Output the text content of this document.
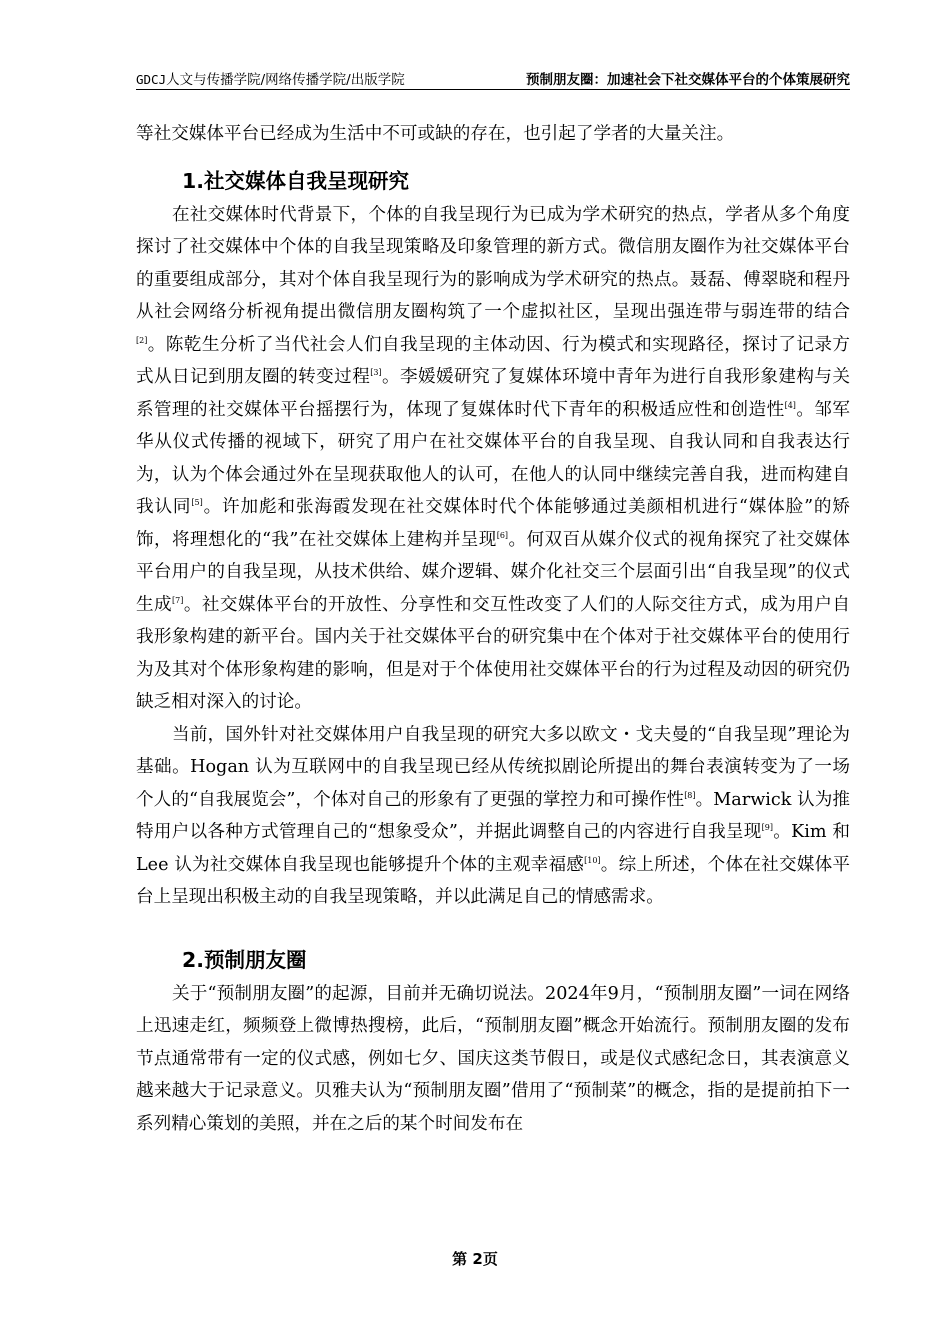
GDCJ人文与传播学院/网络传播学院/出版学院	预制朋友圈：加速社会下社交媒体平台的个体策展研究

等社交媒体平台已经成为生活中不可或缺的存在，也引起了学者的大量关注。

1.社交媒体自我呈现研究

在社交媒体时代背景下，个体的自我呈现行为已成为学术研究的热点，学者从多个角度探讨了社交媒体中个体的自我呈现策略及印象管理的新方式。微信朋友圈作为社交媒体平台的重要组成部分，其对个体自我呈现行为的影响成为学术研究的热点。聂磊、傅翠晓和程丹从社会网络分析视角提出微信朋友圈构筑了一个虚拟社区，呈现出强连带与弱连带的结合[2]。陈乾生分析了当代社会人们自我呈现的主体动因、行为模式和实现路径，探讨了记录方式从日记到朋友圈的转变过程[3]。李媛媛研究了复媒体环境中青年为进行自我形象建构与关系管理的社交媒体平台摇摆行为，体现了复媒体时代下青年的积极适应性和创造性[4]。邹军华从仪式传播的视域下，研究了用户在社交媒体平台的自我呈现、自我认同和自我表达行为，认为个体会通过外在呈现获取他人的认可，在他人的认同中继续完善自我，进而构建自我认同[5]。许加彪和张海霞发现在社交媒体时代个体能够通过美颜相机进行“媒体脸”的矫饰，将理想化的“我”在社交媒体上建构并呈现[6]。何双百从媒介仪式的视角探究了社交媒体平台用户的自我呈现，从技术供给、媒介逻辑、媒介化社交三个层面引出“自我呈现”的仪式生成[7]。社交媒体平台的开放性、分享性和交互性改变了人们的人际交往方式，成为用户自我形象构建的新平台。国内关于社交媒体平台的研究集中在个体对于社交媒体平台的使用行为及其对个体形象构建的影响，但是对于个体使用社交媒体平台的行为过程及动因的研究仍缺乏相对深入的讨论。

当前，国外针对社交媒体用户自我呈现的研究大多以欧文・戈夫曼的“自我呈现”理论为基础。Hogan 认为互联网中的自我呈现已经从传统拟剧论所提出的舞台表演转变为了一场个人的“自我展览会”，个体对自己的形象有了更强的掌控力和可操作性[8]。Marwick 认为推特用户以各种方式管理自己的“想象受众”，并据此调整自己的内容进行自我呈现[9]。Kim 和 Lee 认为社交媒体自我呈现也能够提升个体的主观幸福感[10]。综上所述，个体在社交媒体平台上呈现出积极主动的自我呈现策略，并以此满足自己的情感需求。

2.预制朋友圈

关于“预制朋友圈”的起源，目前并无确切说法。2024年9月，“预制朋友圈”一词在网络上迅速走红，频频登上微博热搜榜，此后，“预制朋友圈”概念开始流行。预制朋友圈的发布节点通常带有一定的仪式感，例如七夕、国庆这类节假日，或是仪式感纪念日，其表演意义越来越大于记录意义。贝雅夫认为“预制朋友圈”借用了“预制菜”的概念，指的是提前拍下一系列精心策划的美照，并在之后的某个时间发布在

第 2页
